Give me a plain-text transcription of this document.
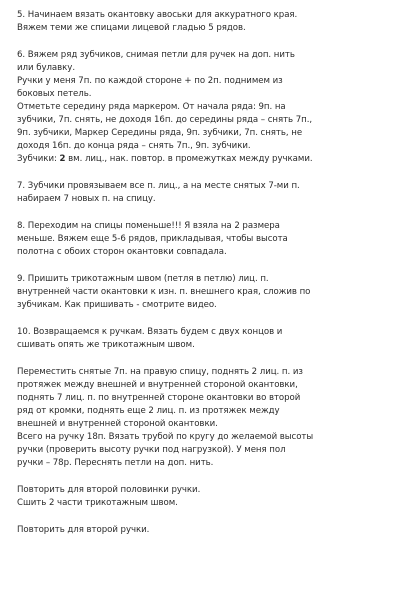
5. Начинаем вязать окантовку авоськи для аккуратного края.
Вяжем теми же спицами лицевой гладью 5 рядов.
6. Вяжем ряд зубчиков, снимая петли для ручек на доп. нить
или булавку.
Ручки у меня 7п. по каждой стороне + по 2п. поднимем из
боковых петель.
Отметьте середину ряда маркером. От начала ряда: 9п. на
зубчики, 7п. снять, не доходя 16п. до середины ряда – снять 7п.,
9п. зубчики, Маркер Середины ряда, 9п. зубчики, 7п. снять, не
доходя 16п. до конца ряда – снять 7п., 9п. зубчики.
Зубчики: 2 вм. лиц., нак. повтор. в промежутках между ручками.
7. Зубчики провязываем все п. лиц., а на месте снятых 7-ми п.
набираем 7 новых п. на спицу.
8. Переходим на спицы поменьше!!! Я взяла на 2 размера
меньше. Вяжем еще 5-6 рядов, прикладывая, чтобы высота
полотна с обоих сторон окантовки совпадала.
9. Пришить трикотажным швом (петля в петлю) лиц. п.
внутренней части окантовки к изн. п. внешнего края, сложив по
зубчикам. Как пришивать - смотрите видео.
10. Возвращаемся к ручкам. Вязать будем с двух концов и
сшивать опять же трикотажным швом.
Переместить снятые 7п. на правую спицу, поднять 2 лиц. п. из
протяжек между внешней и внутренней стороной окантовки,
поднять 7 лиц. п. по внутренней стороне окантовки во второй
ряд от кромки, поднять еще 2 лиц. п. из протяжек между
внешней и внутренней стороной окантовки.
Всего на ручку 18п. Вязать трубой по кругу до желаемой высоты
ручки (проверить высоту ручки под нагрузкой). У меня пол
ручки – 78р. Переснять петли на доп. нить.
Повторить для второй половинки ручки.
Сшить 2 части трикотажным швом.
Повторить для второй ручки.
